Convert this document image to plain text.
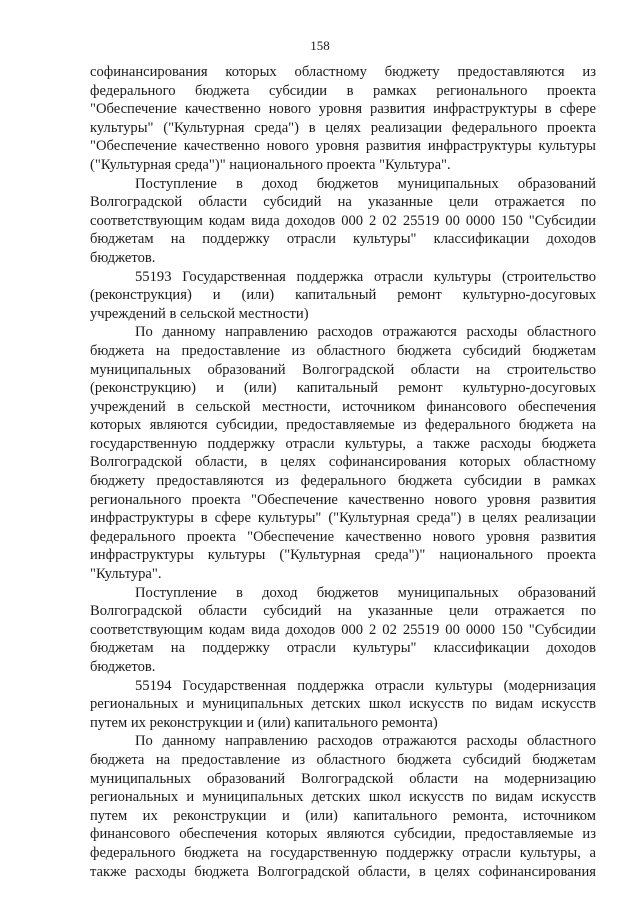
158
софинансирования которых областному бюджету предоставляются из
федерального бюджета субсидии в рамках регионального проекта
"Обеспечение качественно нового уровня развития инфраструктуры в сфере
культуры" ("Культурная среда") в целях реализации федерального проекта
"Обеспечение качественно нового уровня развития инфраструктуры культуры
("Культурная среда")" национального проекта "Культура".
Поступление в доход бюджетов муниципальных образований
Волгоградской области субсидий на указанные цели отражается по
соответствующим кодам вида доходов 000 2 02 25519 00 0000 150 "Субсидии
бюджетам на поддержку отрасли культуры" классификации доходов
бюджетов.
55193 Государственная поддержка отрасли культуры (строительство
(реконструкция) и (или) капитальный ремонт культурно-досуговых
учреждений в сельской местности)
По данному направлению расходов отражаются расходы областного
бюджета на предоставление из областного бюджета субсидий бюджетам
муниципальных образований Волгоградской области на строительство
(реконструкцию) и (или) капитальный ремонт культурно-досуговых
учреждений в сельской местности, источником финансового обеспечения
которых являются субсидии, предоставляемые из федерального бюджета на
государственную поддержку отрасли культуры, а также расходы бюджета
Волгоградской области, в целях софинансирования которых областному
бюджету предоставляются из федерального бюджета субсидии в рамках
регионального проекта "Обеспечение качественно нового уровня развития
инфраструктуры в сфере культуры" ("Культурная среда") в целях реализации
федерального проекта "Обеспечение качественно нового уровня развития
инфраструктуры культуры ("Культурная среда")" национального проекта
"Культура".
Поступление в доход бюджетов муниципальных образований
Волгоградской области субсидий на указанные цели отражается по
соответствующим кодам вида доходов 000 2 02 25519 00 0000 150 "Субсидии
бюджетам на поддержку отрасли культуры" классификации доходов
бюджетов.
55194 Государственная поддержка отрасли культуры (модернизация
региональных и муниципальных детских школ искусств по видам искусств
путем их реконструкции и (или) капитального ремонта)
По данному направлению расходов отражаются расходы областного
бюджета на предоставление из областного бюджета субсидий бюджетам
муниципальных образований Волгоградской области на модернизацию
региональных и муниципальных детских школ искусств по видам искусств
путем их реконструкции и (или) капитального ремонта, источником
финансового обеспечения которых являются субсидии, предоставляемые из
федерального бюджета на государственную поддержку отрасли культуры, а
также расходы бюджета Волгоградской области, в целях софинансирования
